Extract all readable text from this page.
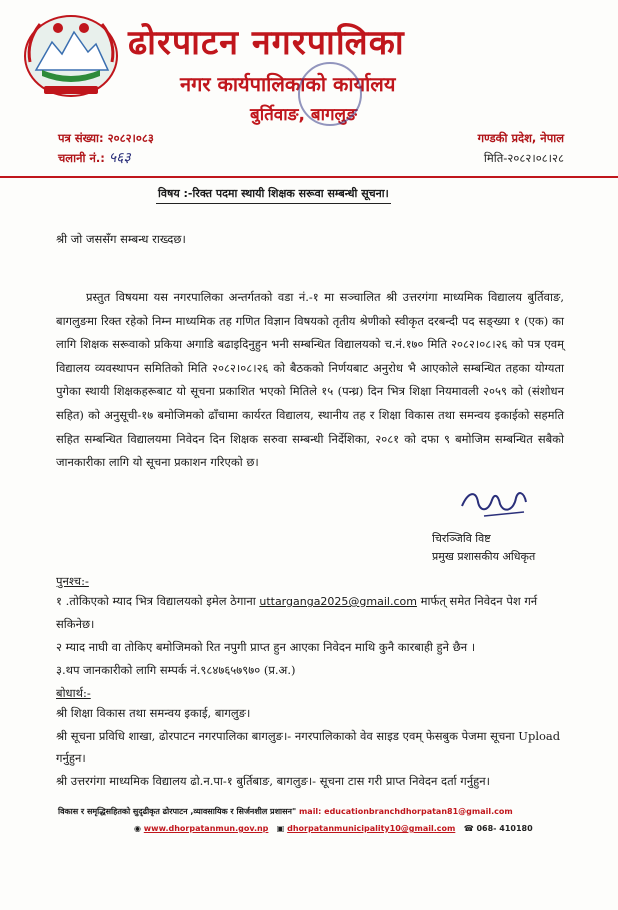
ढोरपाटन नगरपालिका
नगर कार्यपालिकाको कार्यालय
बुर्तिवाङ, बागलुङ
पत्र संख्या: २०८२।०८३
चलानी नं.: ५६३
गण्डकी प्रदेश, नेपाल
मिति-२०८२।०८।२८
विषय :-रिक्त पदमा स्थायी शिक्षक सरूवा सम्बन्धी सूचना।
श्री जो जससँग सम्बन्ध राख्दछ।
प्रस्तुत विषयमा यस नगरपालिका अन्तर्गतको वडा नं.-१ मा सञ्चालित श्री उत्तरगंगा माध्यमिक विद्यालय बुर्तिवाङ, बागलुङमा रिक्त रहेको निम्न माध्यमिक तह गणित विज्ञान विषयको तृतीय श्रेणीको स्वीकृत दरबन्दी पद सङ्ख्या १ (एक) का लागि शिक्षक सरूवाको प्रकिया अगाडि बढाइदिनुहुन भनी सम्बन्धित विद्यालयको च.नं.१७० मिति २०८२।०८।२६ को पत्र एवम् विद्यालय व्यवस्थापन समितिको मिति २०८२।०८।२६ को बैठकको निर्णयबाट अनुरोध भै आएकोले सम्बन्धित तहका योग्यता पुगेका स्थायी शिक्षकहरूबाट यो सूचना प्रकाशित भएको मितिले १५ (पन्ध्र) दिन भित्र शिक्षा नियमावली २०५९ को (संशोधन सहित) को अनुसूची-१७ बमोजिमको ढाँचामा कार्यरत विद्यालय, स्थानीय तह र शिक्षा विकास तथा समन्वय इकाईको सहमति सहित सम्बन्धित विद्यालयमा निवेदन दिन शिक्षक सरुवा सम्बन्धी निर्देशिका, २०८१ को दफा ९ बमोजिम सम्बन्धित सबैको जानकारीका लागि यो सूचना प्रकाशन गरिएको छ।
चिरञ्जिवि विष्ट
प्रमुख प्रशासकीय अधिकृत
पुनश्च:-
१ .तोकिएको म्याद भित्र विद्यालयको इमेल ठेगाना uttarganga2025@gmail.com मार्फत् समेत निवेदन पेश गर्न सकिनेछ।
२ म्याद नाघी वा तोकिए बमोजिमको रित नपुगी प्राप्त हुन आएका निवेदन माथि कुनै कारबाही हुने छैन ।
३.थप जानकारीको लागि सम्पर्क नं.९८४७६५७९७० (प्र.अ.)
बोधार्थ:-
श्री शिक्षा विकास तथा समन्वय इकाई, बागलुङ।
श्री सूचना प्रविधि शाखा, ढोरपाटन नगरपालिका बागलुङ।- नगरपालिकाको वेव साइड एवम् फेसबुक पेजमा सूचना Upload गर्नुहुन।
श्री उत्तरगंगा माध्यमिक विद्यालय ढो.न.पा-१ बुर्तिबाङ, बागलुङ।- सूचना टास गरी प्राप्त निवेदन दर्ता गर्नुहुन।
विकास र समृद्धिसहितको सुदृढीकृत ढोरपाटन ,व्यावसायिक र सिर्जनशील प्रशासन" mail: educationbranchdhorpatan81@gmail.com
◉ www.dhorpatanmun.gov.np ▣ dhorpatanmunicipality10@gmail.com ☎ 068- 410180
